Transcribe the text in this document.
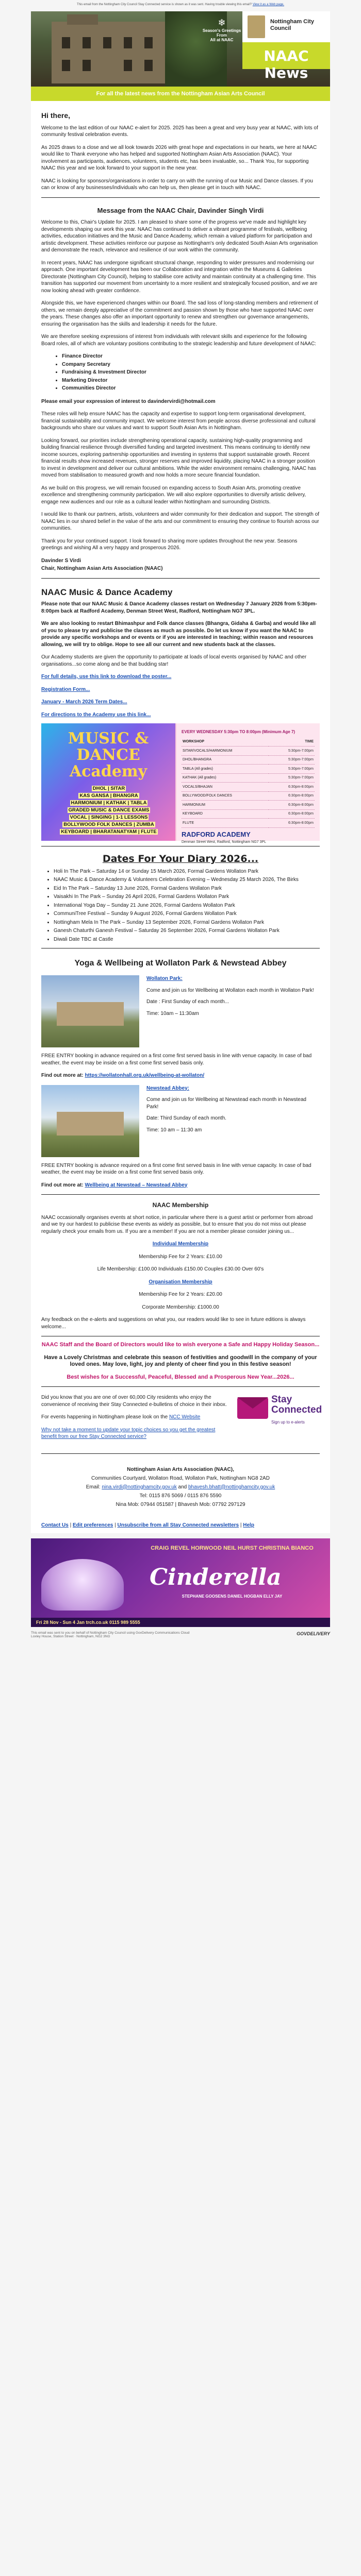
This email from the Nottingham City Council Stay Connected service is shown as it was sent. Having trouble viewing this email? View it as a Web page.
❄
Season's Greetings
From
All at NAAC
Nottingham City Council
NAAC News
For all the latest news from the Nottingham Asian Arts Council
Hi there,

Welcome to the last edition of our NAAC e-alert for 2025. 2025 has been a great and very busy year at NAAC, with lots of community festival celebration events.

As 2025 draws to a close and we all look towards 2026 with great hope and expectations in our hearts, we here at NAAC would like to Thank everyone who has helped and supported Nottingham Asian Arts Association (NAAC). Your involvement as participants, audiences, volunteers, students etc, has been invaluable, so... Thank You, for supporting NAAC this year and we look forward to your support in the new year.

NAAC is looking for sponsors/organisations in order to carry on with the running of our Music and Dance classes. If you can or know of any businesses/individuals who can help us, then please get in touch with NAAC.

Message from the NAAC Chair, Davinder Singh Virdi

Welcome to this, Chair's Update for 2025. I am pleased to share some of the progress we've made and highlight key developments shaping our work this year. NAAC has continued to deliver a vibrant programme of festivals, wellbeing activities, education initiatives and the Music and Dance Academy, which remain a valued platform for participation and artistic development. These activities reinforce our purpose as Nottingham's only dedicated South Asian Arts organisation and demonstrate the reach, relevance and resilience of our work within the community.

In recent years, NAAC has undergone significant structural change, responding to wider pressures and modernising our approach. One important development has been our Collaboration and integration within the Museums & Galleries Directorate (Nottingham City Council), helping to stabilise core activity and maintain continuity at a challenging time. This transition has supported our movement from uncertainty to a more resilient and strategically focused position, and we are now looking ahead with greater confidence.

Alongside this, we have experienced changes within our Board. The sad loss of long-standing members and retirement of others, we remain deeply appreciative of the commitment and passion shown by those who have supported NAAC over the years. These changes also offer an important opportunity to renew and strengthen our governance arrangements, ensuring the organisation has the skills and leadership it needs for the future.

We are therefore seeking expressions of interest from individuals with relevant skills and experience for the following Board roles, all of which are voluntary positions contributing to the strategic leadership and future development of NAAC:

• Finance Director
• Company Secretary
• Fundraising & Investment Director
• Marketing Director
• Communities Director

Please email your expression of interest to davindervirdi@hotmail.com

These roles will help ensure NAAC has the capacity and expertise to support long-term organisational development, financial sustainability and community impact. We welcome interest from people across diverse professional and cultural backgrounds who share our values and want to support South Asian Arts in Nottingham.

Looking forward, our priorities include strengthening operational capacity, sustaining high-quality programming and building financial resilience through diversified funding and targeted investment. This means continuing to identify new income sources, exploring partnership opportunities and investing in systems that support sustainable growth. Recent financial results show increased revenues, stronger reserves and improved liquidity, placing NAAC in a stronger position to invest in development and deliver our cultural ambitions. While the wider environment remains challenging, NAAC has moved from stabilisation to measured growth and now holds a more secure financial foundation.

As we build on this progress, we will remain focused on expanding access to South Asian Arts, promoting creative excellence and strengthening community participation. We will also explore opportunities to diversify artistic delivery, engage new audiences and our role as a cultural leader within Nottingham and surrounding Districts.

I would like to thank our partners, artists, volunteers and wider community for their dedication and support. The strength of NAAC lies in our shared belief in the value of the arts and our commitment to ensuring they continue to flourish across our communities.

Thank you for your continued support. I look forward to sharing more updates throughout the new year. Seasons greetings and wishing All a very happy and prosperous 2026.

Davinder S Virdi

Chair, Nottingham Asian Arts Association (NAAC)

NAAC Music & Dance Academy

Please note that our NAAC Music & Dance Academy classes restart on Wednesday 7 January 2026 from 5:30pm-8:00pm back at Radford Academy, Denman Street West, Radford, Nottingham NG7 3PL.

We are also looking to restart Bhimashpur and Folk dance classes (Bhangra, Gidaha & Garba) and would like all of you to please try and publicise the classes as much as possible. Do let us know if you want the NAAC to provide any specific workshops and or events or if you are interested in teaching; within reason and resources allowing, we will try to oblige. Hope to see all our current and new students back at the classes.

Our Academy students are given the opportunity to participate at loads of local events organised by NAAC and other organisations...so come along and be that budding star!

For full details, use this link to download the poster...

Registration Form...

January - March 2026 Term Dates...

For directions to the Academy use this link...

MUSIC & DANCE Academy
DHOL | SITAR
KAS GANSA | BHANGRA
HARMONIUM | KATHAK | TABLA
GRADED MUSIC & DANCE EXAMS
VOCAL | SINGING | 1-1 LESSONS
BOLLYWOOD FOLK DANCES | ZUMBA
KEYBOARD | BHARATANATYAM | FLUTE
EVERY WEDNESDAY 5:30pm TO 8:00pm (Minimum Age 7)
WORKSHOP	TIME
SITAR/VOCALS/HARMONIUM	5:30pm-7:00pm
DHOL/BHANGRA	5:30pm-7:00pm
TABLA (All grades)	5:30pm-7:00pm
KATHAK (All grades)	5:30pm-7:00pm
VOCALS/BHAJAN	6:30pm-8:00pm
BOLLYWOOD/FOLK DANCES	6:30pm-8:00pm
HARMONIUM	6:30pm-8:00pm
KEYBOARD	6:30pm-8:00pm
FLUTE	6:30pm-8:00pm
RADFORD ACADEMY
Denman Street West, Radford, Nottingham NG7 3PL
Dates For Your Diary 2026...
• Holi In The Park – Saturday 14 or Sunday 15 March 2026, Formal Gardens Wollaton Park
• NAAC Music & Dance Academy & Volunteers Celebration Evening – Wednesday 25 March 2026, The Birks
• Eid In The Park – Saturday 13 June 2026, Formal Gardens Wollaton Park
• Vaisakhi In The Park – Sunday 26 April 2026, Formal Gardens Wollaton Park
• International Yoga Day – Sunday 21 June 2026, Formal Gardens Wollaton Park
• CommuniTree Festival – Sunday 9 August 2026, Formal Gardens Wollaton Park
• Nottingham Mela In The Park – Sunday 13 September 2026, Formal Gardens Wollaton Park
• Ganesh Chaturthi Ganesh Festival – Saturday 26 September 2026, Formal Gardens Wollaton Park
• Diwali Date TBC at Castle
Yoga & Wellbeing at Wollaton Park & Newstead Abbey

Wollaton Park:

Come and join us for Wellbeing at Wollaton each month in Wollaton Park!

Date : First Sunday of each month...

Time: 10am – 11:30am

FREE ENTRY booking in advance required on a first come first served basis in line with venue capacity. In case of bad weather, the event may be inside on a first come first served basis only.

Find out more at: https://wollatonhall.org.uk/wellbeing-at-wollaton/

Newstead Abbey:

Come and join us for Wellbeing at Newstead each month in Newstead Park!

Date: Third Sunday of each month.

Time: 10 am – 11:30 am

FREE ENTRY booking is advance required on a first come first served basis in line with venue capacity. In case of bad weather, the event may be inside on a first come first served basis only.

Find out more at: Wellbeing at Newstead – Newstead Abbey

NAAC Membership

NAAC occasionally organises events at short notice, in particular where there is a guest artist or performer from abroad and we try our hardest to publicise these events as widely as possible, but to ensure that you do not miss out please regularly check your emails from us. If you are a member! If you are not a member please consider joining us...

Individual Membership

Membership Fee for 2 Years: £10.00

Life Membership: £100.00 Individuals £150.00 Couples £30.00 Over 60's

Organisation Membership

Membership Fee for 2 Years: £20.00

Corporate Membership: £1000.00

Any feedback on the e-alerts and suggestions on what you, our readers would like to see in future editions is always welcome...

NAAC Staff and the Board of Directors would like to wish everyone a Safe and Happy Holiday Season...

Have a Lovely Christmas and celebrate this season of festivities and goodwill in the company of your loved ones. May love, light, joy and plenty of cheer find you in this festive season!

Best wishes for a Successful, Peaceful, Blessed and a Prosperous New Year...2026...

Did you know that you are one of over 60,000 City residents who enjoy the convenience of receiving their Stay Connected e-bulletins of choice in their inbox.

For events happening in Nottingham please look on the NCC Website

Why not take a moment to update your topic choices so you get the greatest benefit from our free Stay Connected service?

Stay
Connected
Sign up to e-alerts
Nottingham Asian Arts Association (NAAC),
Communities Courtyard, Wollaton Road, Wollaton Park, Nottingham NG8 2AD
Email: nina.virdi@nottinghamcity.gov.uk and bhavesh.bhatt@nottinghamcity.gov.uk
Tel: 0115 876 5069 / 0115 876 5590
Nina Mob: 07944 051587 | Bhavesh Mob: 07792 297129
Contact Us | Edit preferences | Unsubscribe from all Stay Connected newsletters | Help
CRAIG REVEL HORWOOD NEIL HURST CHRISTINA BIANCO
Cinderella
STEPHANE GOOSENS DANIEL HOGBAN ELLY JAY
Fri 28 Nov - Sun 4 Jan trch.co.uk 0115 989 5555
This email was sent to you on behalf of Nottingham City Council using GovDelivery Communications Cloud
Loxley House, Station Street · Nottingham, NG2 3NG
GOVDELIVERY
